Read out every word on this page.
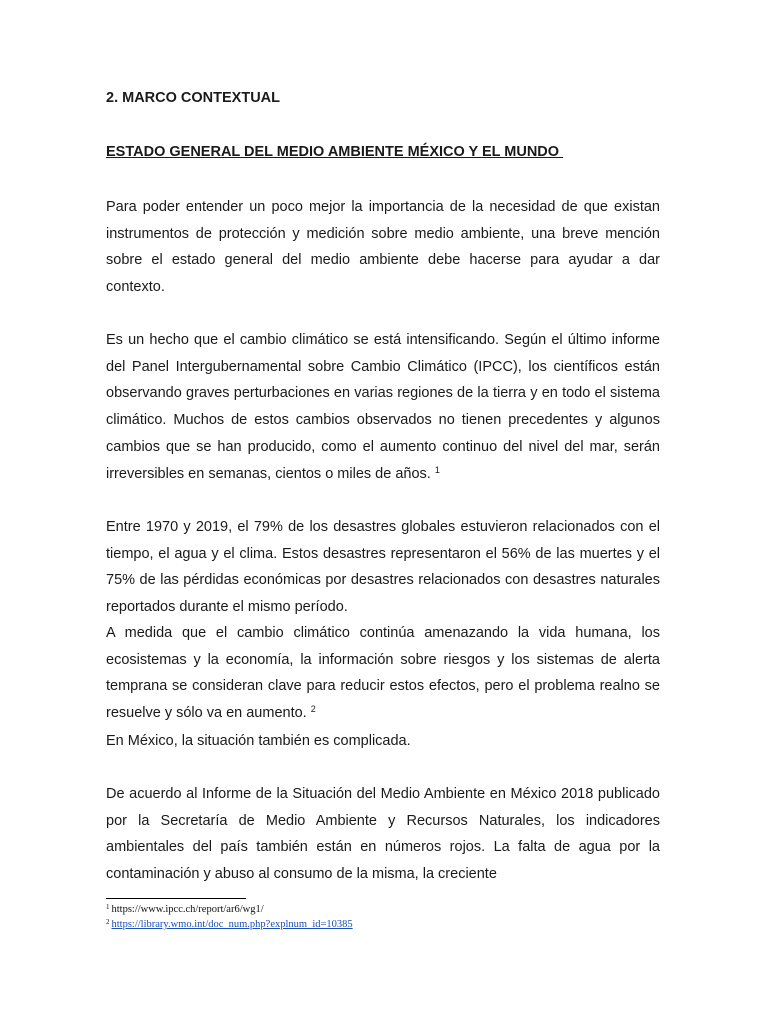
2. MARCO CONTEXTUAL
ESTADO GENERAL DEL MEDIO AMBIENTE MÉXICO Y EL MUNDO

Para poder entender un poco mejor la importancia de la necesidad de que existan instrumentos de protección y medición sobre medio ambiente, una breve mención sobre el estado general del medio ambiente debe hacerse para ayudar a dar contexto.

Es un hecho que el cambio climático se está intensificando. Según el último informe del Panel Intergubernamental sobre Cambio Climático (IPCC), los científicos están observando graves perturbaciones en varias regiones de la tierra y en todo el sistema climático. Muchos de estos cambios observados no tienen precedentes y algunos cambios que se han producido, como el aumento continuo del nivel del mar, serán irreversibles en semanas, cientos o miles de años. $^1$

Entre 1970 y 2019, el 79% de los desastres globales estuvieron relacionados con el tiempo, el agua y el clima. Estos desastres representaron el 56% de las muertes y el 75% de las pérdidas económicas por desastres relacionados con desastres naturales reportados durante el mismo período.

A medida que el cambio climático continúa amenazando la vida humana, los ecosistemas y la economía, la información sobre riesgos y los sistemas de alerta temprana se consideran clave para reducir estos efectos, pero el problema realno se resuelve y sólo va en aumento. $^2$

En México, la situación también es complicada.

De acuerdo al Informe de la Situación del Medio Ambiente en México 2018 publicado por la Secretaría de Medio Ambiente y Recursos Naturales, los indicadores ambientales del país también están en números rojos. La falta de agua por la contaminación y abuso al consumo de la misma, la creciente

$^1$ https://www.ipcc.ch/report/ar6/wg1/

$^2$ https://library.wmo.int/doc_num.php?explnum_id=10385
